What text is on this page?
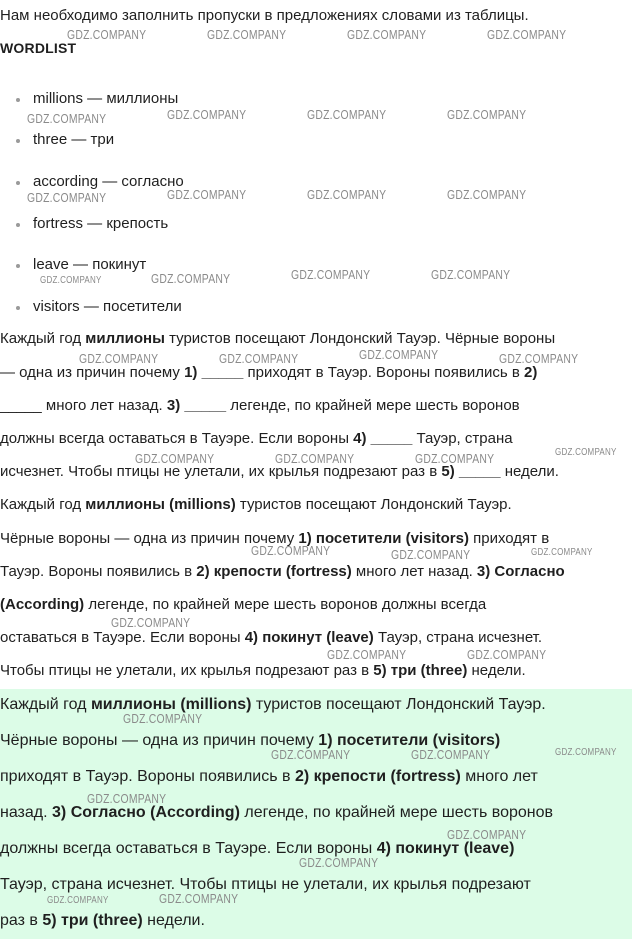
Нам необходимо заполнить пропуски в предложениях словами из таблицы.
WORDLIST
millions — миллионы
three — три
according — согласно
fortress — крепость
leave — покинут
visitors — посетители
Каждый год миллионы туристов посещают Лондонский Тауэр. Чёрные вороны
— одна из причин почему 1) _____ приходят в Тауэр. Вороны появились в 2)
_____ много лет назад. 3) _____ легенде, по крайней мере шесть воронов
должны всегда оставаться в Тауэре. Если вороны 4) _____ Тауэр, страна
исчезнет. Чтобы птицы не улетали, их крылья подрезают раз в 5) _____ недели.
Каждый год миллионы (millions) туристов посещают Лондонский Тауэр.
Чёрные вороны — одна из причин почему 1) посетители (visitors) приходят в
Тауэр. Вороны появились в 2) крепости (fortress) много лет назад. 3) Согласно
(According) легенде, по крайней мере шесть воронов должны всегда
оставаться в Тауэре. Если вороны 4) покинут (leave) Тауэр, страна исчезнет.
Чтобы птицы не улетали, их крылья подрезают раз в 5) три (three) недели.
Каждый год миллионы (millions) туристов посещают Лондонский Тауэр.
Чёрные вороны — одна из причин почему 1) посетители (visitors)
приходят в Тауэр. Вороны появились в 2) крепости (fortress) много лет
назад. 3) Согласно (According) легенде, по крайней мере шесть воронов
должны всегда оставаться в Тауэре. Если вороны 4) покинут (leave)
Тауэр, страна исчезнет. Чтобы птицы не улетали, их крылья подрезают
раз в 5) три (three) недели.
GDZ.COMPANY	GDZ.COMPANY	GDZ.COMPANY	GDZ.COMPANY
GDZ.COMPANY	GDZ.COMPANY	GDZ.COMPANY	GDZ.COMPANY
GDZ.COMPANY	GDZ.COMPANY	GDZ.COMPANY	GDZ.COMPANY
GDZ.COMPANY	GDZ.COMPANY	GDZ.COMPANY	GDZ.COMPANY
GDZ.COMPANY	GDZ.COMPANY	GDZ.COMPANY	GDZ.COMPANY
GDZ.COMPANY	GDZ.COMPANY	GDZ.COMPANY	GDZ.COMPANY
GDZ.COMPANY	GDZ.COMPANY	GDZ.COMPANY
GDZ.COMPANY
GDZ.COMPANY	GDZ.COMPANY
GDZ.COMPANY
GDZ.COMPANY	GDZ.COMPANY	GDZ.COMPANY
GDZ.COMPANY
GDZ.COMPANY
GDZ.COMPANY
GDZ.COMPANY	GDZ.COMPANY
